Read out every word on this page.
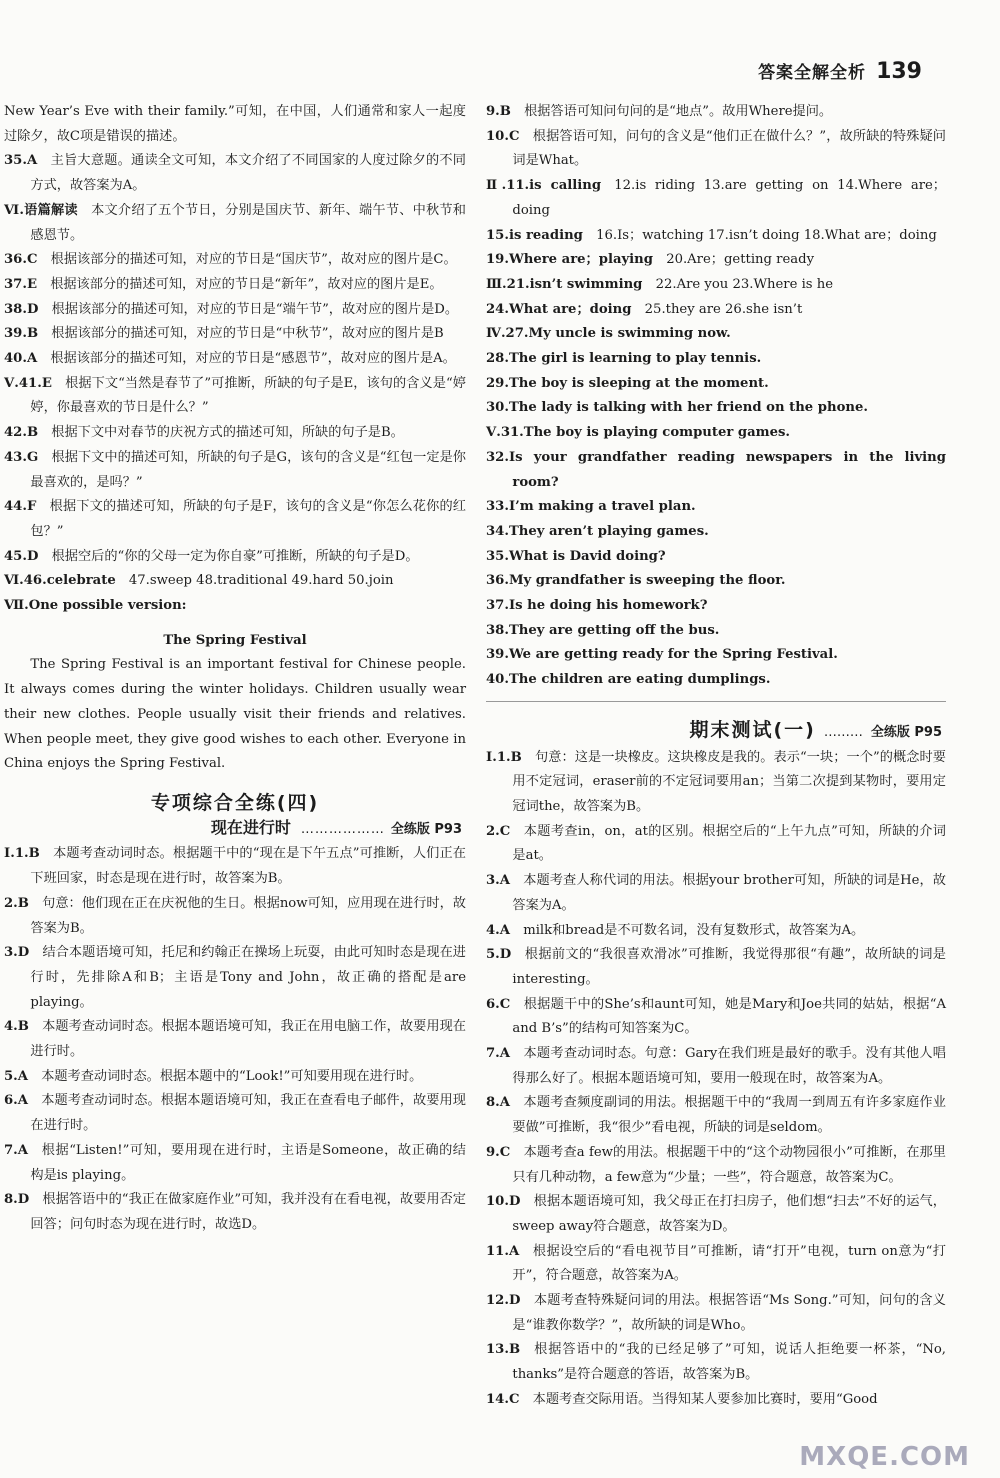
答案全解全析 139
New Year’s Eve with their family.”可知，在中国，人们通常和家人一起度过除夕，故C项是错误的描述。
35.A  主旨大意题。通读全文可知，本文介绍了不同国家的人度过除夕的不同方式，故答案为A。
Ⅵ.语篇解读  本文介绍了五个节日，分别是国庆节、新年、端午节、中秋节和感恩节。
36.C  根据该部分的描述可知，对应的节日是“国庆节”，故对应的图片是C。
37.E  根据该部分的描述可知，对应的节日是“新年”，故对应的图片是E。
38.D  根据该部分的描述可知，对应的节日是“端午节”，故对应的图片是D。
39.B  根据该部分的描述可知，对应的节日是“中秋节”，故对应的图片是B
40.A  根据该部分的描述可知，对应的节日是“感恩节”，故对应的图片是A。
Ⅴ.41.E  根据下文“当然是春节了”可推断，所缺的句子是E，该句的含义是“婷婷，你最喜欢的节日是什么？”
42.B  根据下文中对春节的庆祝方式的描述可知，所缺的句子是B。
43.G  根据下文中的描述可知，所缺的句子是G，该句的含义是“红包一定是你最喜欢的，是吗？”
44.F  根据下文的描述可知，所缺的句子是F，该句的含义是“你怎么花你的红包？”
45.D  根据空后的“你的父母一定为你自豪”可推断，所缺的句子是D。
Ⅵ.46.celebrate  47.sweep 48.traditional 49.hard 50.join
Ⅶ.One possible version:
The Spring Festival
The Spring Festival is an important festival for Chinese people. It always comes during the winter holidays. Children usually wear their new clothes. People usually visit their friends and relatives. When people meet, they give good wishes to each other. Everyone in China enjoys the Spring Festival.
专项综合全练(四)
现在进行时 ……………… 全练版 P93
Ⅰ.1.B  本题考查动词时态。根据题干中的“现在是下午五点”可推断，人们正在下班回家，时态是现在进行时，故答案为B。
2.B  句意：他们现在正在庆祝他的生日。根据now可知，应用现在进行时，故答案为B。
3.D  结合本题语境可知，托尼和约翰正在操场上玩耍，由此可知时态是现在进行时，先排除A和B；主语是Tony and John，故正确的搭配是are playing。
4.B  本题考查动词时态。根据本题语境可知，我正在用电脑工作，故要用现在进行时。
5.A  本题考查动词时态。根据本题中的“Look!”可知要用现在进行时。
6.A  本题考查动词时态。根据本题语境可知，我正在查看电子邮件，故要用现在进行时。
7.A  根据“Listen!”可知，要用现在进行时，主语是Someone，故正确的结构是is playing。
8.D  根据答语中的“我正在做家庭作业”可知，我并没有在看电视，故要用否定回答；问句时态为现在进行时，故选D。
9.B  根据答语可知问句问的是“地点”。故用Where提问。
10.C  根据答语可知，问句的含义是“他们正在做什么？”，故所缺的特殊疑问词是What。
Ⅱ.11.is calling  12.is riding 13.are getting on 14.Where are；doing
15.is reading  16.Is；watching 17.isn’t doing 18.What are；doing
19.Where are；playing  20.Are；getting ready
Ⅲ.21.isn’t swimming  22.Are you 23.Where is he
24.What are；doing  25.they are 26.she isn’t
Ⅳ.27.My uncle is swimming now.
28.The girl is learning to play tennis.
29.The boy is sleeping at the moment.
30.The lady is talking with her friend on the phone.
Ⅴ.31.The boy is playing computer games.
32.Is your grandfather reading newspapers in the living room?
33.I’m making a travel plan.
34.They aren’t playing games.
35.What is David doing?
36.My grandfather is sweeping the floor.
37.Is he doing his homework?
38.They are getting off the bus.
39.We are getting ready for the Spring Festival.
40.The children are eating dumplings.
期末测试(一) ……… 全练版 P95
Ⅰ.1.B  句意：这是一块橡皮。这块橡皮是我的。表示“一块；一个”的概念时要用不定冠词，eraser前的不定冠词要用an；当第二次提到某物时，要用定冠词the，故答案为B。
2.C  本题考查in，on，at的区别。根据空后的“上午九点”可知，所缺的介词是at。
3.A  本题考查人称代词的用法。根据your brother可知，所缺的词是He，故答案为A。
4.A  milk和bread是不可数名词，没有复数形式，故答案为A。
5.D  根据前文的“我很喜欢滑冰”可推断，我觉得那很“有趣”，故所缺的词是interesting。
6.C  根据题干中的She’s和aunt可知，她是Mary和Joe共同的姑姑，根据“A and B’s”的结构可知答案为C。
7.A  本题考查动词时态。句意：Gary在我们班是最好的歌手。没有其他人唱得那么好了。根据本题语境可知，要用一般现在时，故答案为A。
8.A  本题考查频度副词的用法。根据题干中的“我周一到周五有许多家庭作业要做”可推断，我“很少”看电视，所缺的词是seldom。
9.C  本题考查a few的用法。根据题干中的“这个动物园很小”可推断，在那里只有几种动物，a few意为“少量；一些”，符合题意，故答案为C。
10.D  根据本题语境可知，我父母正在打扫房子，他们想“扫去”不好的运气，sweep away符合题意，故答案为D。
11.A  根据设空后的“看电视节目”可推断，请“打开”电视，turn on意为“打开”，符合题意，故答案为A。
12.D  本题考查特殊疑问词的用法。根据答语“Ms Song.”可知，问句的含义是“谁教你数学？”，故所缺的词是Who。
13.B  根据答语中的“我的已经足够了”可知，说话人拒绝要一杯茶，“No, thanks”是符合题意的答语，故答案为B。
14.C  本题考查交际用语。当得知某人要参加比赛时，要用“Good
MXQE.COM
